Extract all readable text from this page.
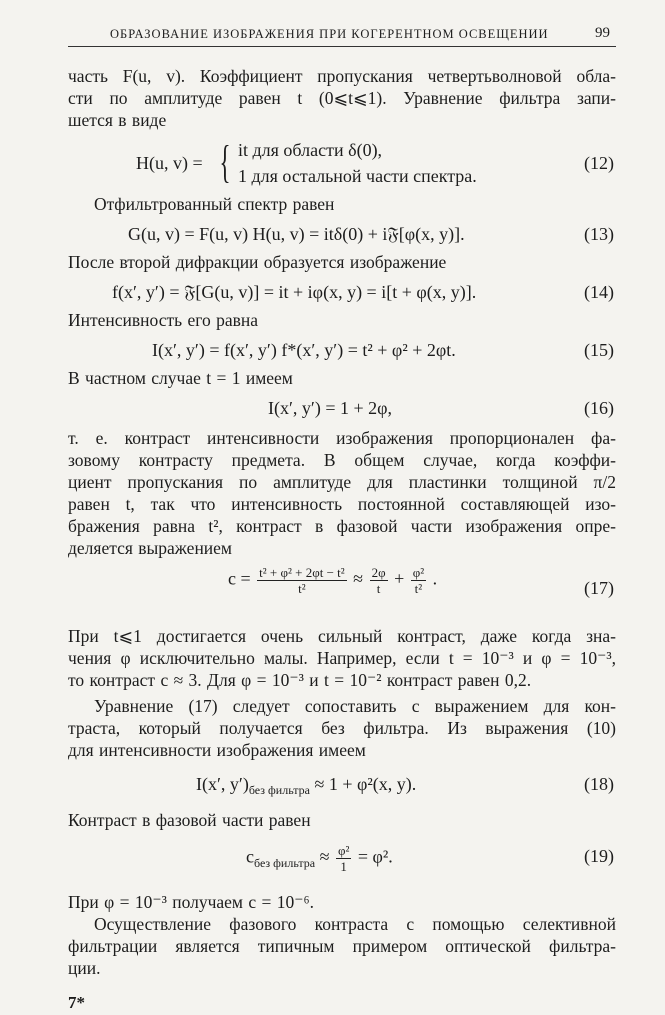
ОБРАЗОВАНИЕ ИЗОБРАЖЕНИЯ ПРИ КОГЕРЕНТНОМ ОСВЕЩЕНИИ	99

часть F(u, v). Коэффициент пропускания четвертьволновой обла-

сти по амплитуде равен t (0⩽t⩽1). Уравнение фильтра запи-

шется в виде

H(u, v) = { it для области δ(0),
1 для остальной части спектра.
(12)

Отфильтрованный спектр равен

G(u, v) = F(u, v) H(u, v) = itδ(0) + i𝔉[φ(x, y)].	(13)

После второй дифракции образуется изображение

f(x′, y′) = 𝔉[G(u, v)] = it + iφ(x, y) = i[t + φ(x, y)].	(14)

Интенсивность его равна

I(x′, y′) = f(x′, y′) f*(x′, y′) = t² + φ² + 2φt.	(15)

В частном случае t = 1 имеем

I(x′, y′) = 1 + 2φ,	(16)

т. е. контраст интенсивности изображения пропорционален фа-

зовому контрасту предмета. В общем случае, когда коэффи-

циент пропускания по амплитуде для пластинки толщиной π/2

равен t, так что интенсивность постоянной составляющей изо-

бражения равна t², контраст в фазовой части изображения опре-

деляется выражением

$c = \frac{\text{t² + φ² + 2φt − t²}}{\text{t²}} \approx \frac{2\varphi}{t} + \frac{\text{φ²}}{\text{t²}}$ .	(17)

При t⩽1 достигается очень сильный контраст, даже когда зна-

чения φ исключительно малы. Например, если t = 10⁻³ и φ = 10⁻³,

то контраст c ≈ 3. Для φ = 10⁻³ и t = 10⁻² контраст равен 0,2.

Уравнение (17) следует сопоставить с выражением для кон-

траста, который получается без фильтра. Из выражения (10)

для интенсивности изображения имеем

I(x′, $y')_{без фильтра} \approx 1 + \varphi^2(x$, y).	(18)

Контраст в фазовой части равен

$c_{без фильтра} \approx \frac{\text{φ²}}{1} = \varphi^2$.	(19)

При φ = 10⁻³ получаем c = 10⁻⁶.

Осуществление фазового контраста с помощью селективной

фильтрации является типичным примером оптической фильтра-

ции.

7*
